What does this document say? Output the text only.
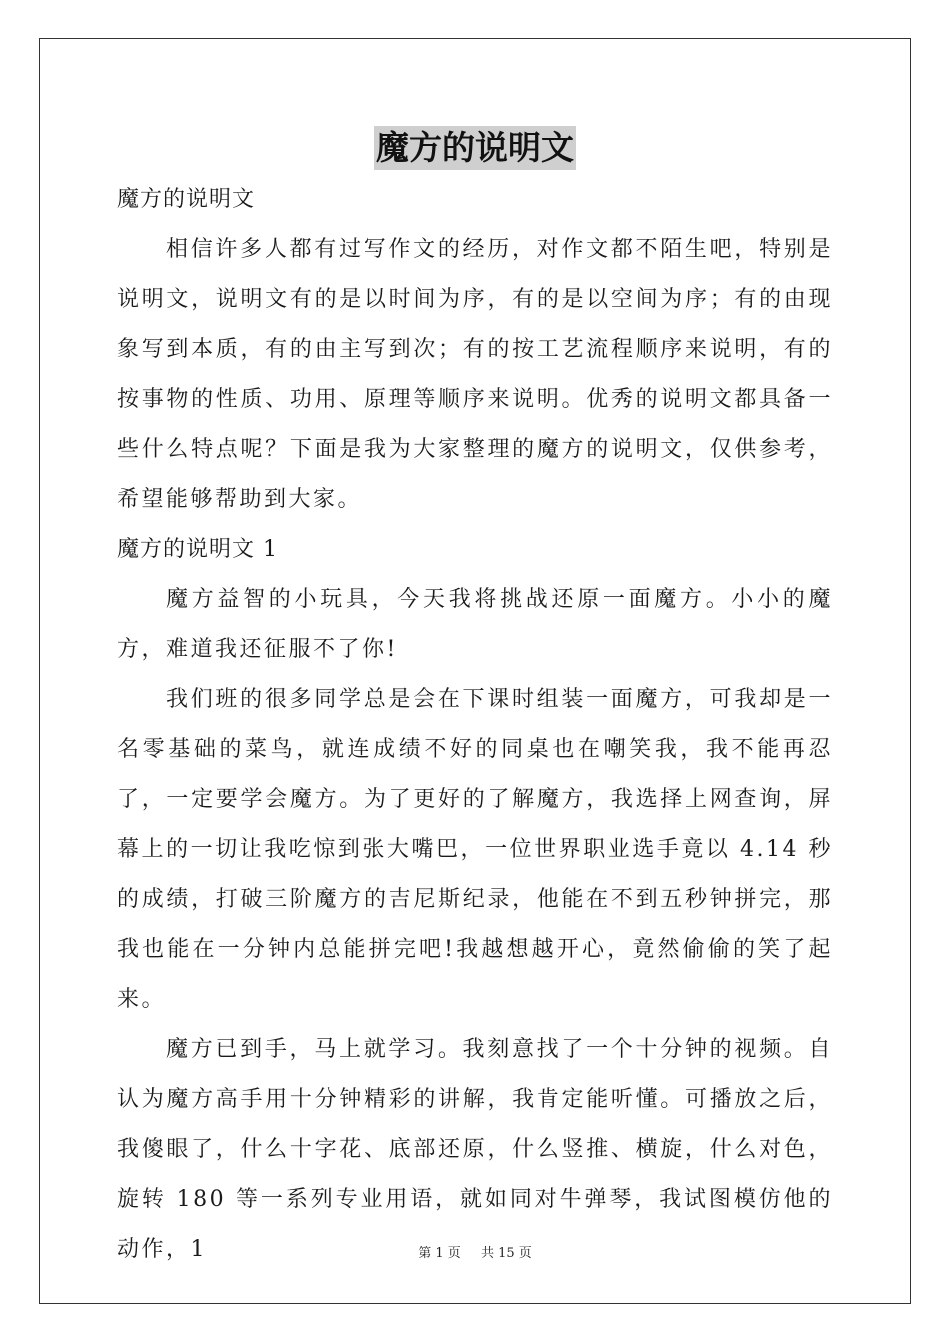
魔方的说明文

魔方的说明文

相信许多人都有过写作文的经历，对作文都不陌生吧，特别是说明文，说明文有的是以时间为序，有的是以空间为序；有的由现象写到本质，有的由主写到次；有的按工艺流程顺序来说明，有的按事物的性质、功用、原理等顺序来说明。优秀的说明文都具备一些什么特点呢？下面是我为大家整理的魔方的说明文，仅供参考，希望能够帮助到大家。

魔方的说明文 1

魔方益智的小玩具，今天我将挑战还原一面魔方。小小的魔方，难道我还征服不了你!

我们班的很多同学总是会在下课时组装一面魔方，可我却是一名零基础的菜鸟，就连成绩不好的同桌也在嘲笑我，我不能再忍了，一定要学会魔方。为了更好的了解魔方，我选择上网查询，屏幕上的一切让我吃惊到张大嘴巴，一位世界职业选手竟以 4.14 秒的成绩，打破三阶魔方的吉尼斯纪录，他能在不到五秒钟拼完，那我也能在一分钟内总能拼完吧!我越想越开心，竟然偷偷的笑了起来。

魔方已到手，马上就学习。我刻意找了一个十分钟的视频。自认为魔方高手用十分钟精彩的讲解，我肯定能听懂。可播放之后，我傻眼了，什么十字花、底部还原，什么竖推、横旋，什么对色，旋转 180 等一系列专业用语，就如同对牛弹琴，我试图模仿他的动作，1	第 1 页 共 15 页
